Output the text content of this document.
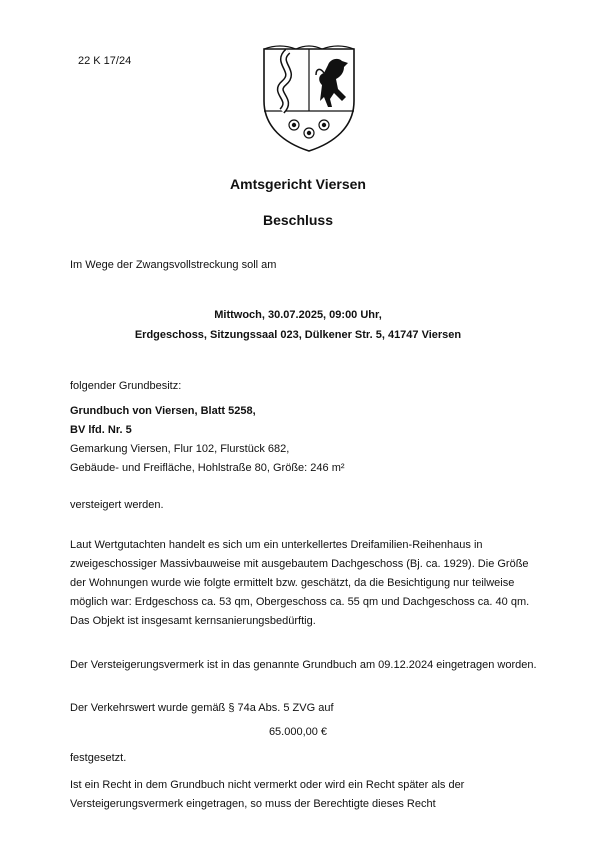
22 K 17/24
Amtsgericht Viersen
Beschluss
Im Wege der Zwangsvollstreckung soll am
Mittwoch, 30.07.2025, 09:00 Uhr,
Erdgeschoss, Sitzungssaal 023, Dülkener Str. 5, 41747 Viersen
folgender Grundbesitz:
Grundbuch von Viersen, Blatt 5258,
BV lfd. Nr. 5
Gemarkung Viersen, Flur 102, Flurstück 682,
Gebäude- und Freifläche, Hohlstraße 80, Größe: 246 m²
versteigert werden.
Laut Wertgutachten handelt es sich um ein unterkellertes Dreifamilien-Reihenhaus in zweigeschossiger Massivbauweise mit ausgebautem Dachgeschoss (Bj. ca. 1929). Die Größe der Wohnungen wurde wie folgte ermittelt bzw. geschätzt, da die Besichtigung nur teilweise möglich war: Erdgeschoss ca. 53 qm, Obergeschoss ca. 55 qm und Dachgeschoss ca. 40 qm. Das Objekt ist insgesamt kernsanierungsbedürftig.
Der Versteigerungsvermerk ist in das genannte Grundbuch am 09.12.2024 eingetragen worden.
Der Verkehrswert wurde gemäß § 74a Abs. 5 ZVG auf
65.000,00 €
festgesetzt.
Ist ein Recht in dem Grundbuch nicht vermerkt oder wird ein Recht später als der Versteigerungsvermerk eingetragen, so muss der Berechtigte dieses Recht
